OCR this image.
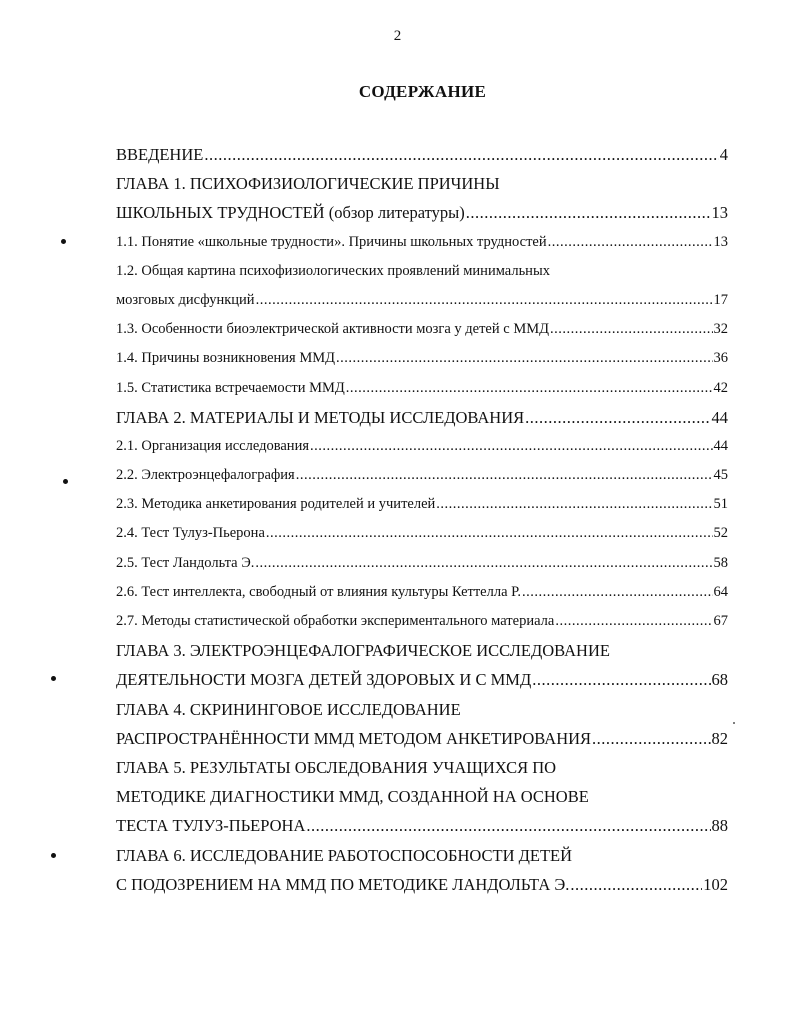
2
СОДЕРЖАНИЕ
ВВЕДЕНИЕ .....	4
ГЛАВА 1. ПСИХОФИЗИОЛОГИЧЕСКИЕ ПРИЧИНЫ
ШКОЛЬНЫХ ТРУДНОСТЕЙ (обзор литературы) .....	13
1.1. Понятие «школьные трудности». Причины школьных трудностей .....	13
1.2. Общая картина психофизиологических проявлений минимальных
мозговых дисфункций .....	17
1.3. Особенности биоэлектрической активности мозга у детей с ММД .....	32
1.4. Причины возникновения ММД .....	36
1.5. Статистика встречаемости ММД .....	42
ГЛАВА 2. МАТЕРИАЛЫ И МЕТОДЫ ИССЛЕДОВАНИЯ .....	44
2.1. Организация исследования .....	44
2.2. Электроэнцефалография .....	45
2.3. Методика анкетирования родителей и учителей .....	51
2.4. Тест Тулуз-Пьерона .....	52
2.5. Тест Ландольта Э. .....	58
2.6. Тест интеллекта, свободный от влияния культуры Кеттелла Р. .....	64
2.7. Методы статистической обработки экспериментального материала .....	67
ГЛАВА 3. ЭЛЕКТРОЭНЦЕФАЛОГРАФИЧЕСКОЕ ИССЛЕДОВАНИЕ
ДЕЯТЕЛЬНОСТИ МОЗГА ДЕТЕЙ ЗДОРОВЫХ И С ММД .....	68
ГЛАВА 4. СКРИНИНГОВОЕ ИССЛЕДОВАНИЕ
РАСПРОСТРАНЁННОСТИ ММД МЕТОДОМ АНКЕТИРОВАНИЯ .....	82
ГЛАВА 5. РЕЗУЛЬТАТЫ ОБСЛЕДОВАНИЯ УЧАЩИХСЯ ПО
МЕТОДИКЕ ДИАГНОСТИКИ ММД, СОЗДАННОЙ НА ОСНОВЕ
ТЕСТА ТУЛУЗ-ПЬЕРОНА .....	88
ГЛАВА 6. ИССЛЕДОВАНИЕ РАБОТОСПОСОБНОСТИ ДЕТЕЙ
С ПОДОЗРЕНИЕМ НА ММД ПО МЕТОДИКЕ ЛАНДОЛЬТА Э. .....	102
